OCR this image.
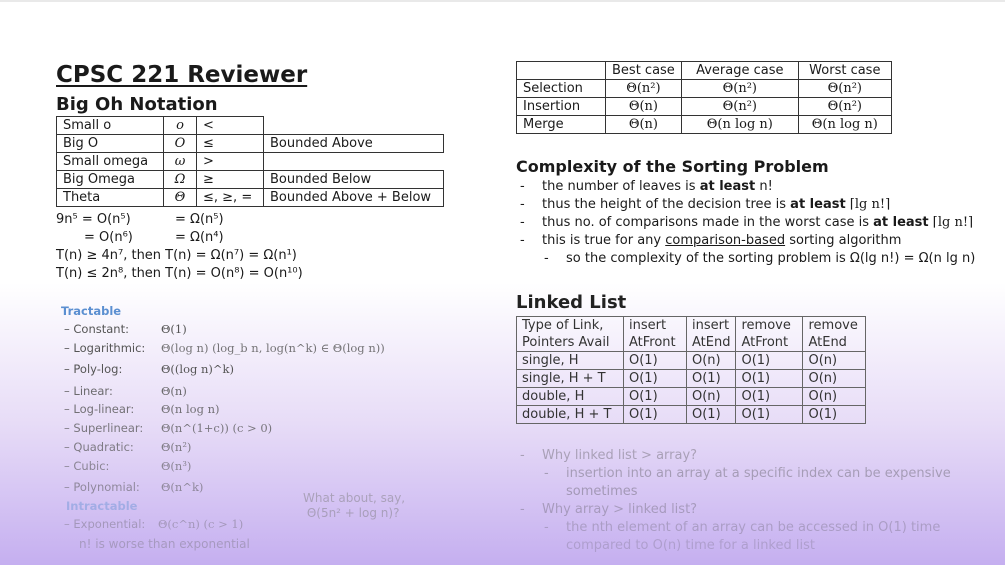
CPSC 221 Reviewer
Big Oh Notation
Small o	o	<	
Big O	O	≤	Bounded Above
Small omega	ω	>	
Big Omega	Ω	≥	Bounded Below
Theta	Θ	≤, ≥, =	Bounded Above + Below
9n⁵ = O(n⁵)	= Ω(n⁵)
= O(n⁶)	= Ω(n⁴)
T(n) ≥ 4n⁷, then T(n) = Ω(n⁷) = Ω(n¹)
T(n) ≤ 2n⁸, then T(n) = O(n⁸) = O(n¹⁰)
Tractable
– Constant:	Θ(1)
– Logarithmic: Θ(log n) (log_b n, log(n^k) ∈ Θ(log n))
– Poly-log:	Θ((log n)^k)
– Linear:	Θ(n)
– Log-linear: Θ(n log n)
– Superlinear: Θ(n^(1+c)) (c > 0)
– Quadratic: Θ(n²)
– Cubic:	Θ(n³)
– Polynomial: Θ(n^k)
Intractable
– Exponential: Θ(c^n) (c > 1)
n! is worse than exponential
What about, say,
Θ(5n² + log n)?
	Best case	Average case	Worst case
Selection	Θ(n²)	Θ(n²)	Θ(n²)
Insertion	Θ(n)	Θ(n²)	Θ(n²)
Merge	Θ(n)	Θ(n log n)	Θ(n log n)
Complexity of the Sorting Problem
- the number of leaves is at least n!
- thus the height of the decision tree is at least ⌈lg n!⌉
- thus no. of comparisons made in the worst case is at least ⌈lg n!⌉
- this is true for any comparison-based sorting algorithm
- so the complexity of the sorting problem is Ω(lg n!) = Ω(n lg n)
Linked List
Type of Link,	insert	insert	remove	remove
Pointers Avail	AtFront	AtEnd	AtFront	AtEnd
single, H	O(1)	O(n)	O(1)	O(n)
single, H + T	O(1)	O(1)	O(1)	O(n)
double, H	O(1)	O(n)	O(1)	O(n)
double, H + T	O(1)	O(1)	O(1)	O(1)
- Why linked list > array?
- insertion into an array at a specific index can be expensive
sometimes
- Why array > linked list?
- the nth element of an array can be accessed in O(1) time
compared to O(n) time for a linked list
